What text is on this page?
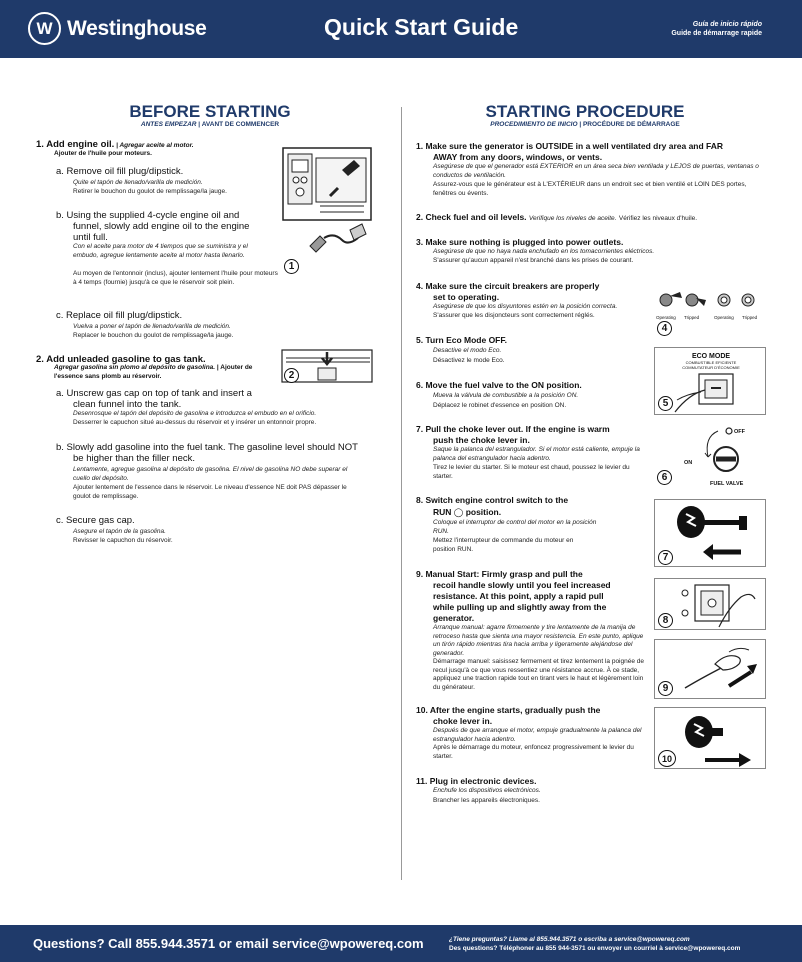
W Westinghouse	Quick Start Guide	Guía de inicio rápido
Guide de démarrage rapide
BEFORE STARTING
ANTES EMPEZAR | AVANT DE COMMENCER
1. Add engine oil. | Agregar aceite al motor.
Ajouter de l'huile pour moteurs.
a. Remove oil fill plug/dipstick.
Quite el tapón de llenado/varilla de medición.
Retirer le bouchon du goulot de remplissage/la jauge.
b. Using the supplied 4-cycle engine oil and
funnel, slowly add engine oil to the engine
until full.
Con el aceite para motor de 4 tiempos que se suministra y el embudo, agregue lentamente aceite al motor hasta llenarlo.
Au moyen de l'entonnoir (inclus), ajouter lentement l'huile pour moteurs à 4 temps (fournie) jusqu'à ce que le réservoir soit plein.
c. Replace oil fill plug/dipstick.
Vuelva a poner el tapón de llenado/varilla de medición.
Replacer le bouchon du goulot de remplissage/la jauge.
1
2. Add unleaded gasoline to gas tank.
Agregar gasolina sin plomo al depósito de gasolina. | Ajouter de l'essence sans plomb au réservoir.	2
a. Unscrew gas cap on top of tank and insert a
clean funnel into the tank.
Desenrosque el tapón del depósito de gasolina e introduzca el embudo en el orificio.
Desserrer le capuchon situé au-dessus du réservoir et y insérer un entonnoir propre.
b. Slowly add gasoline into the fuel tank. The gasoline level should NOT
be higher than the filler neck.
Lentamente, agregue gasolina al depósito de gasolina. El nivel de gasolina NO debe superar el cuello del depósito.
Ajouter lentement de l'essence dans le réservoir. Le niveau d'essence NE doit PAS dépasser le goulot de remplissage.
c. Secure gas cap.
Asegure el tapón de la gasolina.
Revisser le capuchon du réservoir.
STARTING PROCEDURE
PROCEDIMIENTO DE INICIO | PROCÉDURE DE DÉMARRAGE
1. Make sure the generator is OUTSIDE in a well ventilated dry area and FAR
AWAY from any doors, windows, or vents.
Asegúrese de que el generador está EXTERIOR en un área seca bien ventilada y LEJOS de puertas, ventanas o conductos de ventilación.
Assurez-vous que le générateur est à L'EXTÉRIEUR dans un endroit sec et bien ventilé et LOIN DES portes, fenêtres ou évents.
2. Check fuel and oil levels. Verifique los niveles de aceite. Vérifiez les niveaux d'huile.
3. Make sure nothing is plugged into power outlets.
Asegúrese de que no haya nada enchufado en los tomacorrientes eléctricos.
S'assurer qu'aucun appareil n'est branché dans les prises de courant.
4. Make sure the circuit breakers are properly
set to operating.
Asegúrese de que los disyuntores estén en la posición correcta.
S'assurer que les disjoncteurs sont correctement réglés.	Operating Tripped	Operating Tripped
4
5. Turn Eco Mode OFF.
Desactive el modo Eco.
Désactivez le mode Eco.
ECO MODE
COMBUSTIBLE EFICIENTE
COMMUTATEUR D'ÉCONOMIE
5
6. Move the fuel valve to the ON position.
Mueva la válvula de combustible a la posición ON.
Déplacez le robinet d'essence en position ON.
OFF
ON
FUEL VALVE
6
7. Pull the choke lever out. If the engine is warm
push the choke lever in.
Saque la palanca del estrangulador. Si el motor está caliente, empuje la palanca del estrangulador hacia adentro.
Tirez le levier du starter. Si le moteur est chaud, poussez le levier du starter.
8. Switch engine control switch to the
RUN ◯ position.
Coloque el interruptor de control del motor en la posición RUN.
Mettez l'interrupteur de commande du moteur en position RUN.
7
9. Manual Start: Firmly grasp and pull the
recoil handle slowly until you feel increased
resistance. At this point, apply a rapid pull
while pulling up and slightly away from the
generator.
Arranque manual: agarre firmemente y tire lentamente de la manija de retroceso hasta que sienta una mayor resistencia. En este punto, aplique un tirón rápido mientras tira hacia arriba y ligeramente alejándose del generador.
Démarrage manuel: saisissez fermement et tirez lentement la poignée de recul jusqu'à ce que vous ressentiez une résistance accrue. À ce stade, appliquez une traction rapide tout en tirant vers le haut et légèrement loin du générateur.
8
9
10. After the engine starts, gradually push the
choke lever in.
Después de que arranque el motor, empuje gradualmente la palanca del estrangulador hacia adentro.
Après le démarrage du moteur, enfoncez progressivement le levier du starter.	10
11. Plug in electronic devices.
Enchufe los dispositivos electrónicos.
Brancher les appareils électroniques.
Questions? Call 855.944.3571 or email service@wpowereq.com	¿Tiene preguntas? Llame al 855.944.3571 o escriba a service@wpowereq.com
Des questions? Téléphoner au 855 944-3571 ou envoyer un courriel à service@wpowereq.com
